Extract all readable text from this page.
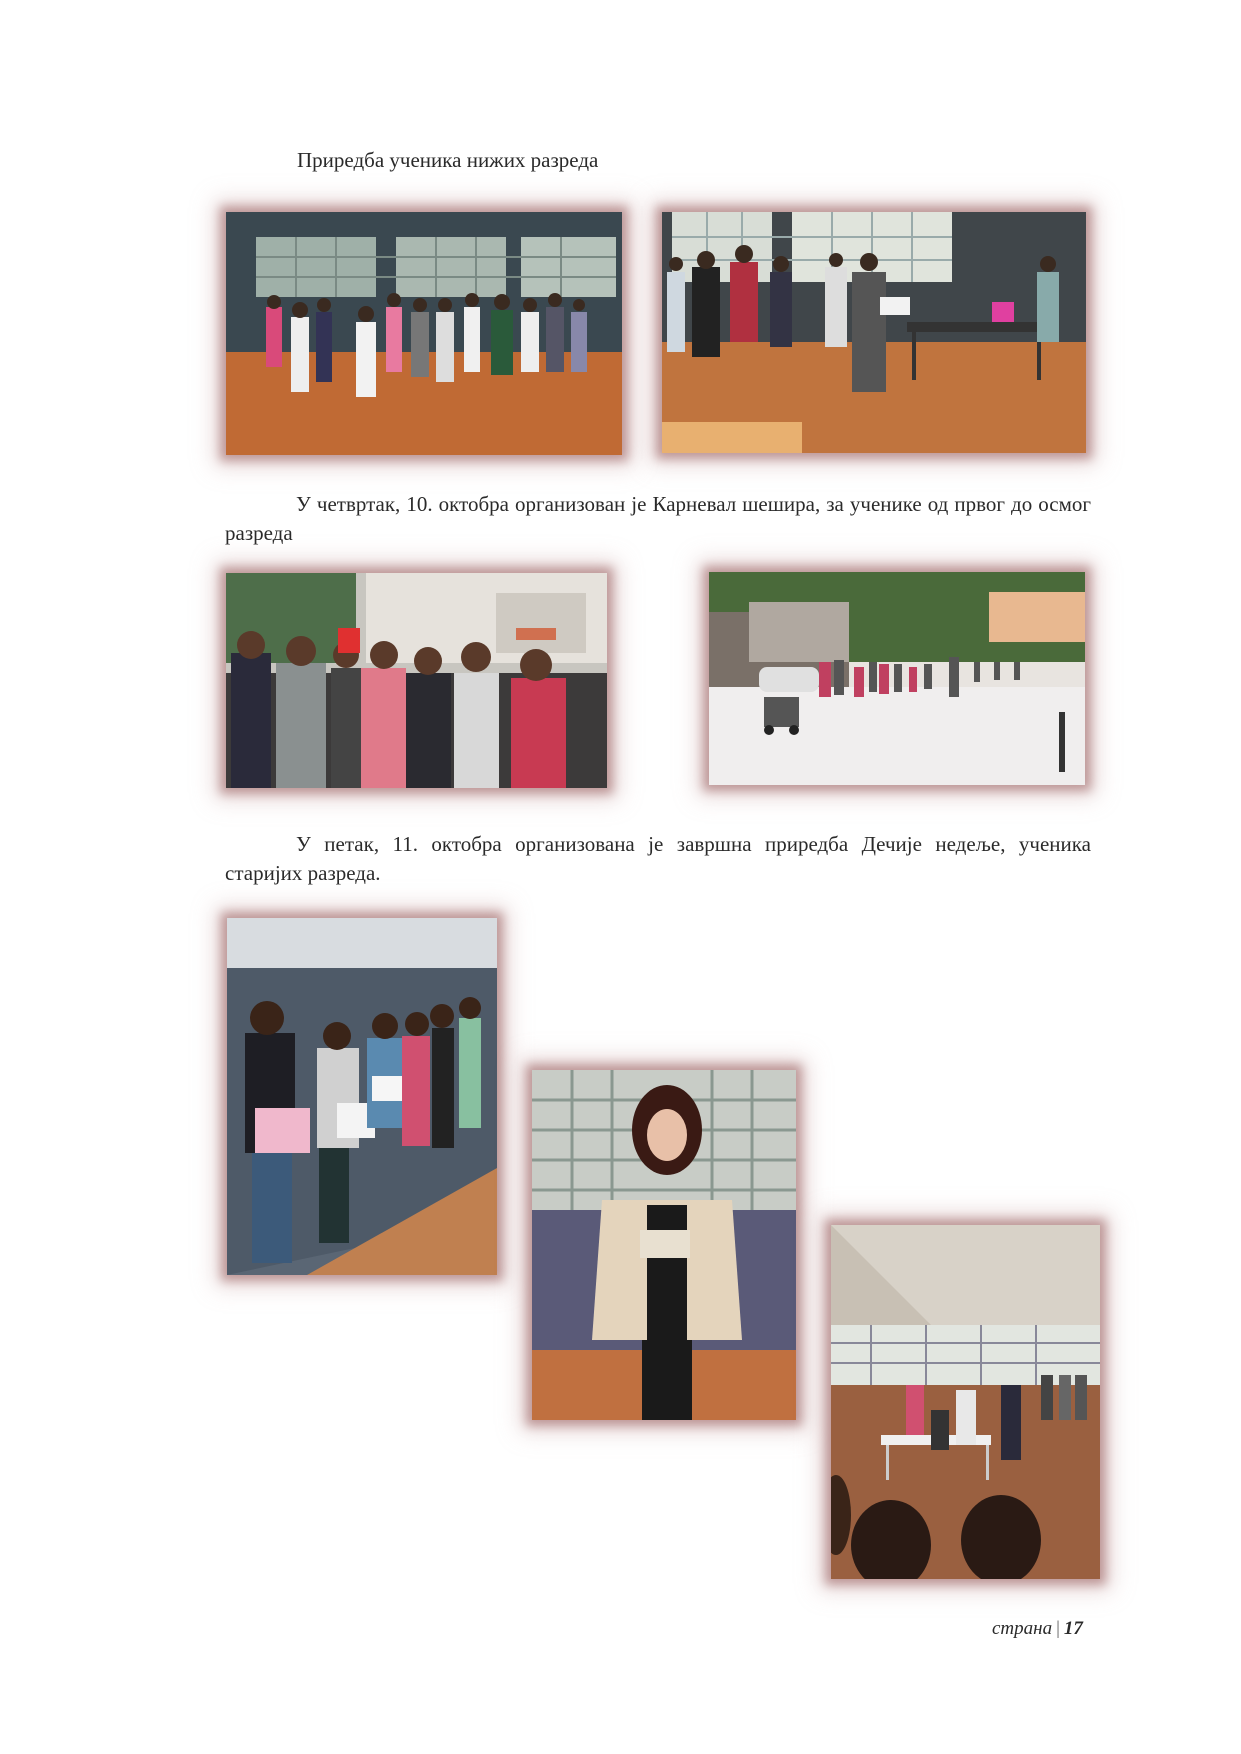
Приредба ученика нижих разреда
У четвртак, 10. октобра организован је Карневал шешира, за ученике од првог до осмог разреда
У петак, 11. октобра организована је завршна приредба Дечије недеље, ученика старијих разреда.
страна | 17
